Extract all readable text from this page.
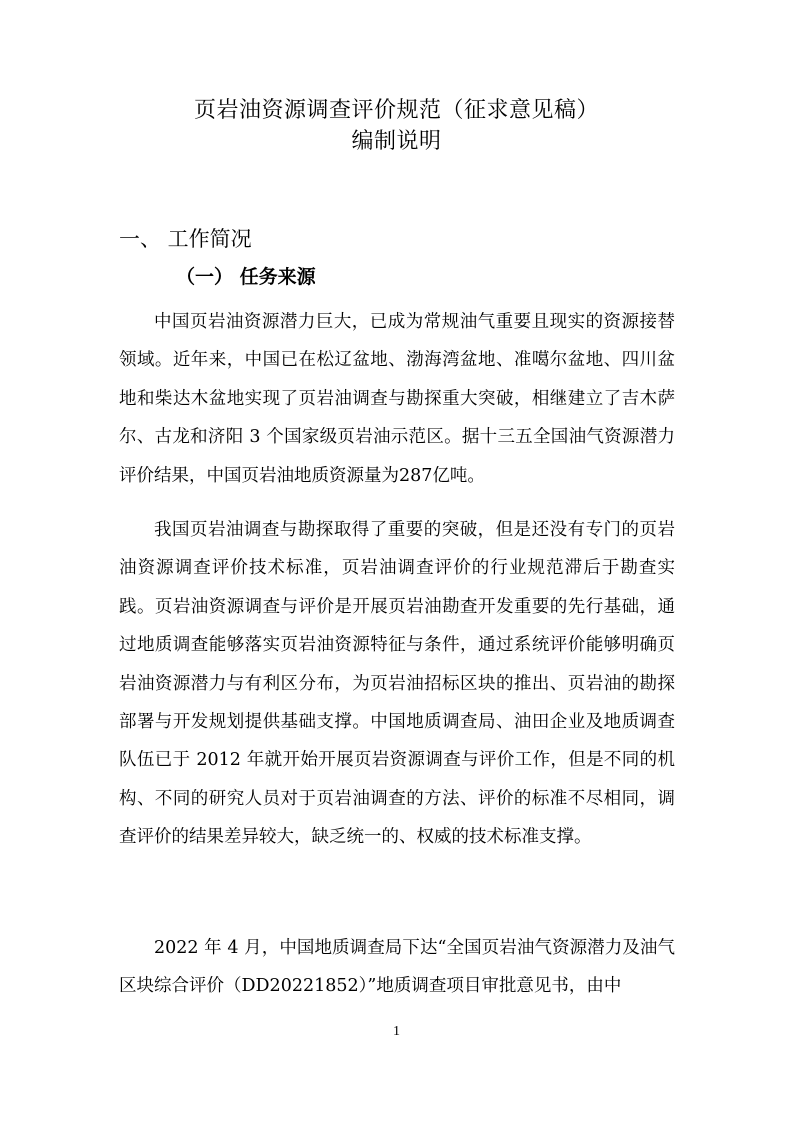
页岩油资源调查评价规范（征求意见稿）
编制说明
一、 工作简况
（一） 任务来源

中国页岩油资源潜力巨大，已成为常规油气重要且现实的资源接替领域。近年来，中国已在松辽盆地、渤海湾盆地、准噶尔盆地、四川盆地和柴达木盆地实现了页岩油调查与勘探重大突破，相继建立了吉木萨尔、古龙和济阳 3 个国家级页岩油示范区。据十三五全国油气资源潜力评价结果，中国页岩油地质资源量为287亿吨。

我国页岩油调查与勘探取得了重要的突破，但是还没有专门的页岩油资源调查评价技术标准，页岩油调查评价的行业规范滞后于勘查实践。页岩油资源调查与评价是开展页岩油勘查开发重要的先行基础，通过地质调查能够落实页岩油资源特征与条件，通过系统评价能够明确页岩油资源潜力与有利区分布，为页岩油招标区块的推出、页岩油的勘探部署与开发规划提供基础支撑。中国地质调查局、油田企业及地质调查队伍已于 2012 年就开始开展页岩资源调查与评价工作，但是不同的机构、不同的研究人员对于页岩油调查的方法、评价的标准不尽相同，调查评价的结果差异较大，缺乏统一的、权威的技术标准支撑。

2022 年 4 月，中国地质调查局下达“全国页岩油气资源潜力及油气区块综合评价（DD20221852）”地质调查项目审批意见书，由中

1
